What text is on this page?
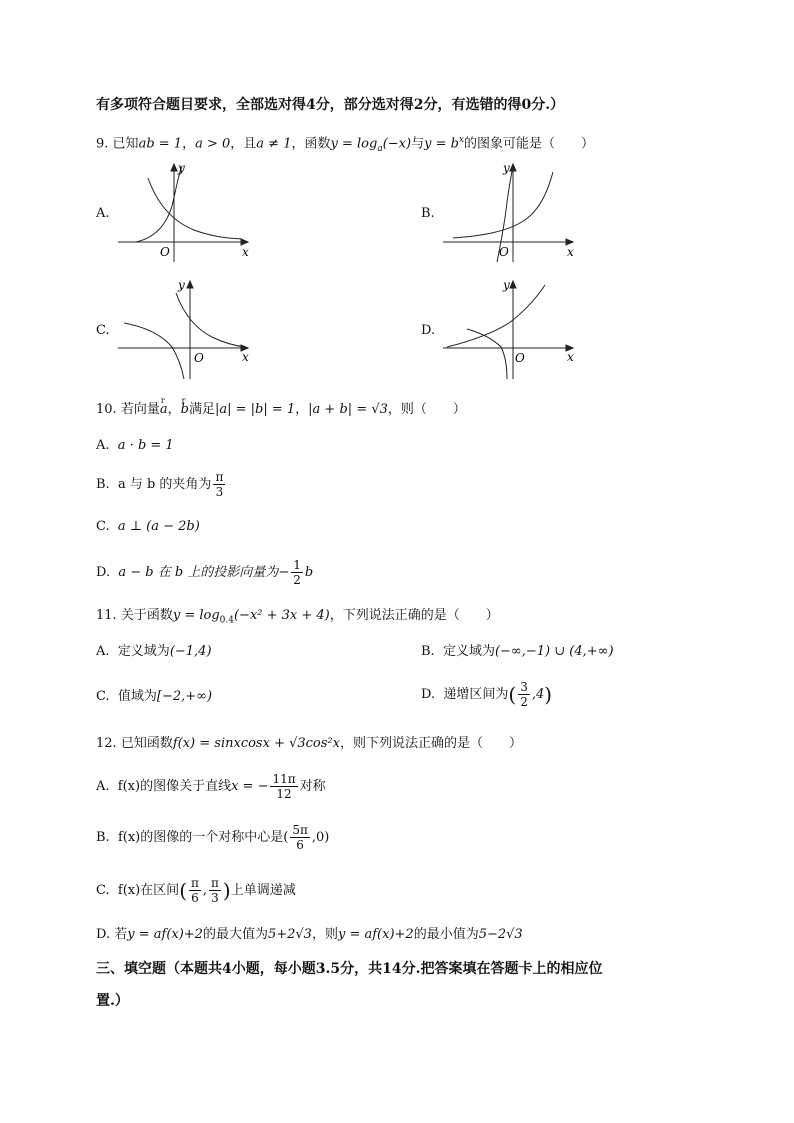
有多项符合题目要求，全部选对得4分，部分选对得2分，有选错的得0分.）
9. 已知ab = 1，a > 0，且a ≠ 1，函数$y = \log_a(-x)$与$y = b^x$的图象可能是（　　）
A.
y
x
O
B.
y
x
O
C.
y
x
O
D.
y
x
O
10. 若向量r a，r b满足|a| = |b| = 1，|a + b| = √3，则（　　）
A. a · b = 1
B. a 与 b 的夹角为 $\frac{\pi}{3}$
C. a ⊥ (a − 2b)
D. a − b 在 b 上的投影向量为− $\frac{1}{2}$ b
11. 关于函数$y = \log_{0.4}(-x^2 + 3x + 4)$，下列说法正确的是（　　）
A. 定义域为(−1,4)	B. 定义域为(−∞,−1) ∪ (4,+∞)
C. 值域为[−2,+∞)	D. 递增区间为( $\frac{3}{2} ,4$)
12. 已知函数f(x) = sinxcosx + √3cos²x，则下列说法正确的是（　　）
A. f(x)的图像关于直线x = − $\frac{11\pi}{12}$ 对称
B. f(x)的图像的一个对称中心是( $\frac{5\pi}{6} ,0$)
C. f(x)在区间( $\frac{\pi}{6}$ , $\frac{\pi}{3}$ )上单调递减
D. 若y = af(x)+2的最大值为5+2√3，则y = af(x)+2的最小值为5−2√3
三、填空题（本题共4小题，每小题3.5分，共14分.把答案填在答题卡上的相应位
置.）
